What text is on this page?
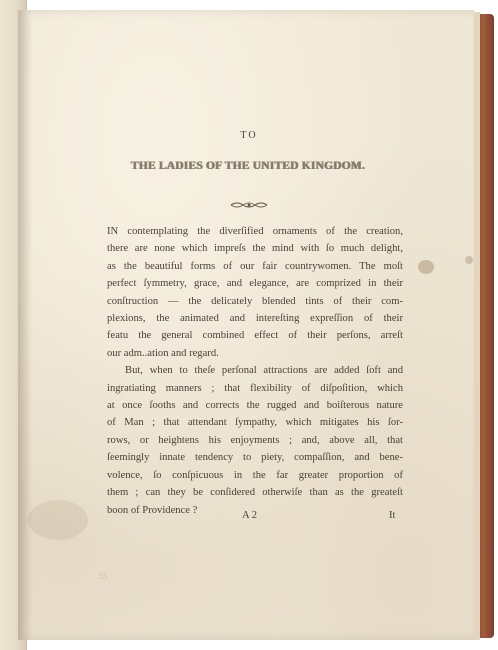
TO
THE LADIES OF THE UNITED KINGDOM.

IN contemplating the diverſified ornaments of the creation,
there are none which impreſs the mind with ſo much delight,
as the beautiful forms of our fair countrywomen. The moſt
perfect ſymmetry, grace, and elegance, are comprized in their
conſtruction — the delicately blended tints of their com-
plexions, the animated and intereſting expreſſion of their
featu the general combined effect of their perſons, arreſt
our adm..ation and regard.

But, when to theſe perſonal attractions are added ſoft and
ingratiating manners ; that flexibility of diſpoſition, which
at once ſooths and corrects the rugged and boiſterous nature
of Man ; that attendant ſympathy, which mitigates his ſor-
rows, or heightens his enjoyments ; and, above all, that
ſeemingly innate tendency to piety, compaſſion, and bene-
volence, ſo conſpicuous in the far greater proportion of
them ; can they be conſidered otherwiſe than as the greateſt
boon of Providence ?	A 2	It
55
